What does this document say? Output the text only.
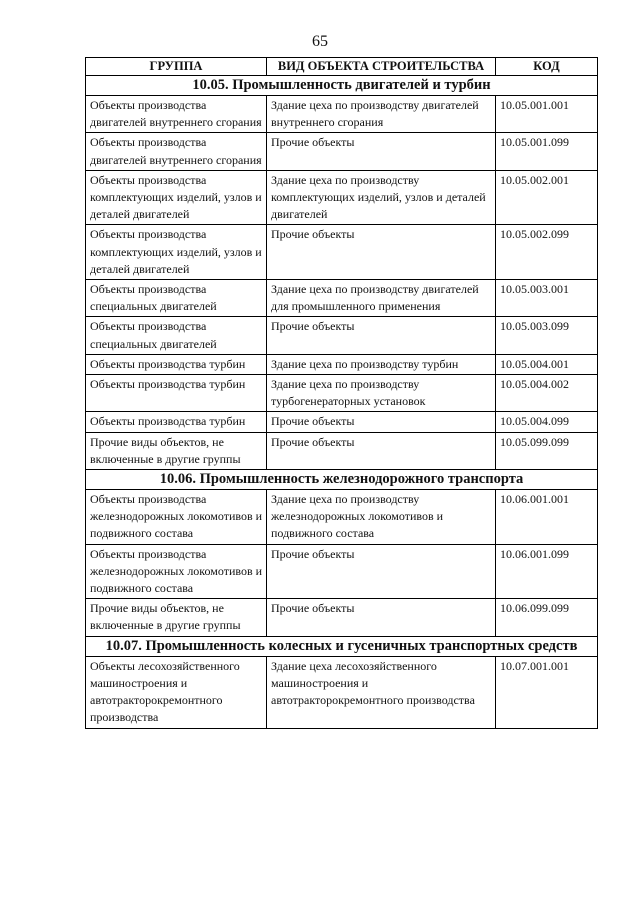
65
ГРУППА	ВИД ОБЪЕКТА СТРОИТЕЛЬСТВА	КОД
10.05. Промышленность двигателей и турбин		
Объекты производства двигателей внутреннего сгорания	Здание цеха по производству двигателей внутреннего сгорания	10.05.001.001
Объекты производства двигателей внутреннего сгорания	Прочие объекты	10.05.001.099
Объекты производства комплектующих изделий, узлов и деталей двигателей	Здание цеха по производству комплектующих изделий, узлов и деталей двигателей	10.05.002.001
Объекты производства комплектующих изделий, узлов и деталей двигателей	Прочие объекты	10.05.002.099
Объекты производства специальных двигателей	Здание цеха по производству двигателей для промышленного применения	10.05.003.001
Объекты производства специальных двигателей	Прочие объекты	10.05.003.099
Объекты производства турбин	Здание цеха по производству турбин	10.05.004.001
Объекты производства турбин	Здание цеха по производству турбогенераторных установок	10.05.004.002
Объекты производства турбин	Прочие объекты	10.05.004.099
Прочие виды объектов, не включенные в другие группы	Прочие объекты	10.05.099.099
10.06. Промышленность железнодорожного транспорта		
Объекты производства железнодорожных локомотивов и подвижного состава	Здание цеха по производству железнодорожных локомотивов и подвижного состава	10.06.001.001
Объекты производства железнодорожных локомотивов и подвижного состава	Прочие объекты	10.06.001.099
Прочие виды объектов, не включенные в другие группы	Прочие объекты	10.06.099.099
10.07. Промышленность колесных и гусеничных транспортных средств		
Объекты лесохозяйственного машиностроения и автотракторокремонтного производства	Здание цеха лесохозяйственного машиностроения и автотракторокремонтного производства	10.07.001.001
